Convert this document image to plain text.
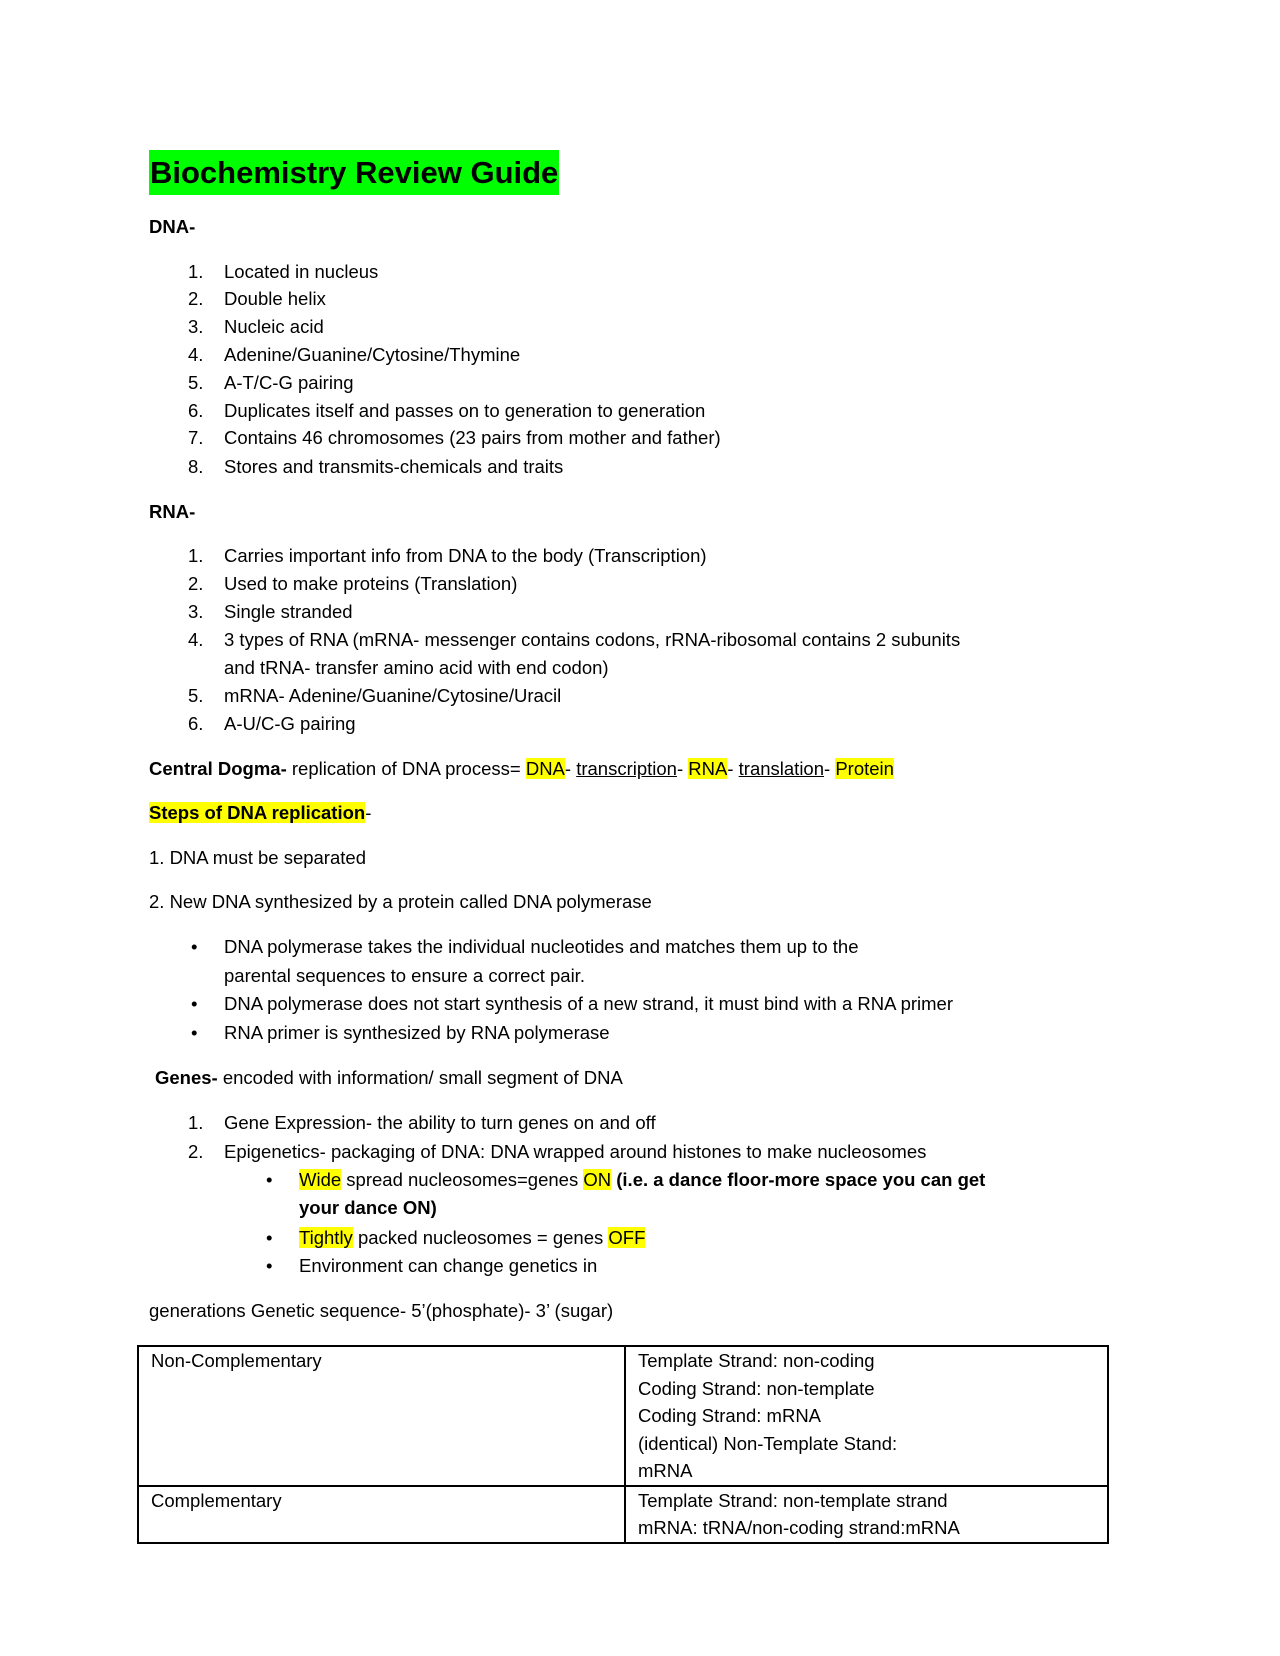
Biochemistry Review Guide
DNA-
1. Located in nucleus
2. Double helix
3. Nucleic acid
4. Adenine/Guanine/Cytosine/Thymine
5. A-T/C-G pairing
6. Duplicates itself and passes on to generation to generation
7. Contains 46 chromosomes (23 pairs from mother and father)
8. Stores and transmits-chemicals and traits
RNA-
1. Carries important info from DNA to the body (Transcription)
2. Used to make proteins (Translation)
3. Single stranded
4. 3 types of RNA (mRNA- messenger contains codons, rRNA-ribosomal contains 2 subunits
and tRNA- transfer amino acid with end codon)
5. mRNA- Adenine/Guanine/Cytosine/Uracil
6. A-U/C-G pairing
Central Dogma- replication of DNA process= DNA- transcription- RNA- translation- Protein
Steps of DNA replication-
1. DNA must be separated
2. New DNA synthesized by a protein called DNA polymerase
• DNA polymerase takes the individual nucleotides and matches them up to the
parental sequences to ensure a correct pair.
• DNA polymerase does not start synthesis of a new strand, it must bind with a RNA primer
• RNA primer is synthesized by RNA polymerase
Genes- encoded with information/ small segment of DNA
1. Gene Expression- the ability to turn genes on and off
2. Epigenetics- packaging of DNA: DNA wrapped around histones to make nucleosomes
• Wide spread nucleosomes=genes ON (i.e. a dance floor-more space you can get
your dance ON)
• Tightly packed nucleosomes = genes OFF
• Environment can change genetics in
generations Genetic sequence- 5’(phosphate)- 3’ (sugar)
Non-Complementary	Template Strand: non-coding
Coding Strand: non-template
Coding Strand: mRNA
(identical) Non-Template Stand:
mRNA

Complementary	Template Strand: non-template strand
mRNA: tRNA/non-coding strand:mRNA
